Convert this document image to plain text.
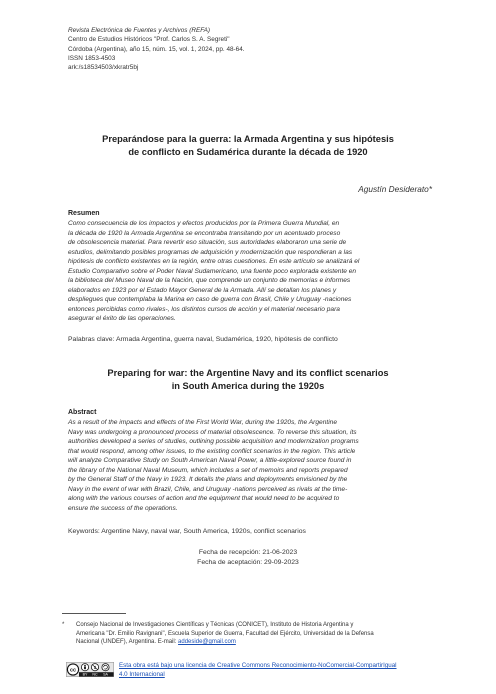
Revista Electrónica de Fuentes y Archivos (REFA)
Centro de Estudios Históricos "Prof. Carlos S. A. Segreti"
Córdoba (Argentina), año 15, núm. 15, vol. 1, 2024, pp. 48-64.
ISSN 1853-4503
ark:/s18534503/xkratr5bj
Preparándose para la guerra: la Armada Argentina y sus hipótesis
de conflicto en Sudamérica durante la década de 1920
Agustín Desiderato*
Resumen
Como consecuencia de los impactos y efectos producidos por la Primera Guerra Mundial, en
la década de 1920 la Armada Argentina se encontraba transitando por un acentuado proceso
de obsolescencia material. Para revertir eso situación, sus autoridades elaboraron una serie de
estudios, delimitando posibles programas de adquisición y modernización que respondieran a las
hipótesis de conflicto existentes en la región, entre otras cuestiones. En este artículo se analizará el
Estudio Comparativo sobre el Poder Naval Sudamericano, una fuente poco explorada existente en
la biblioteca del Museo Naval de la Nación, que comprende un conjunto de memorias e informes
elaborados en 1923 por el Estado Mayor General de la Armada. Allí se detallan los planes y
despliegues que contemplaba la Marina en caso de guerra con Brasil, Chile y Uruguay -naciones
entonces percibidas como rivales-, los distintos cursos de acción y el material necesario para
asegurar el éxito de las operaciones.
Palabras clave: Armada Argentina, guerra naval, Sudamérica, 1920, hipótesis de conflicto
Preparing for war: the Argentine Navy and its conflict scenarios
in South America during the 1920s
Abstract
As a result of the impacts and effects of the First World War, during the 1920s, the Argentine
Navy was undergoing a pronounced process of material obsolescence. To reverse this situation, its
authorities developed a series of studies, outlining possible acquisition and modernization programs
that would respond, among other issues, to the existing conflict scenarios in the region. This article
will analyze Comparative Study on South American Naval Power, a little-explored source found in
the library of the National Naval Museum, which includes a set of memoirs and reports prepared
by the General Staff of the Navy in 1923. It details the plans and deployments envisioned by the
Navy in the event of war with Brazil, Chile, and Uruguay -nations perceived as rivals at the time-
along with the various courses of action and the equipment that would need to be acquired to
ensure the success of the operations.
Keywords: Argentine Navy, naval war, South America, 1920s, conflict scenarios
Fecha de recepción: 21-06-2023
Fecha de aceptación: 29-09-2023
*	Consejo Nacional de Investigaciones Científicas y Técnicas (CONICET), Instituto de Historia Argentina y
Americana "Dr. Emilio Ravignani", Escuela Superior de Guerra, Facultad del Ejército, Universidad de la Defensa
Nacional (UNDEF), Argentina. E-mail: addeside@gmail.com
cc
BY NC SA
Esta obra está bajo una licencia de Creative Commons Reconocimiento-NoComercial-CompartirIgual
4.0 Internacional
